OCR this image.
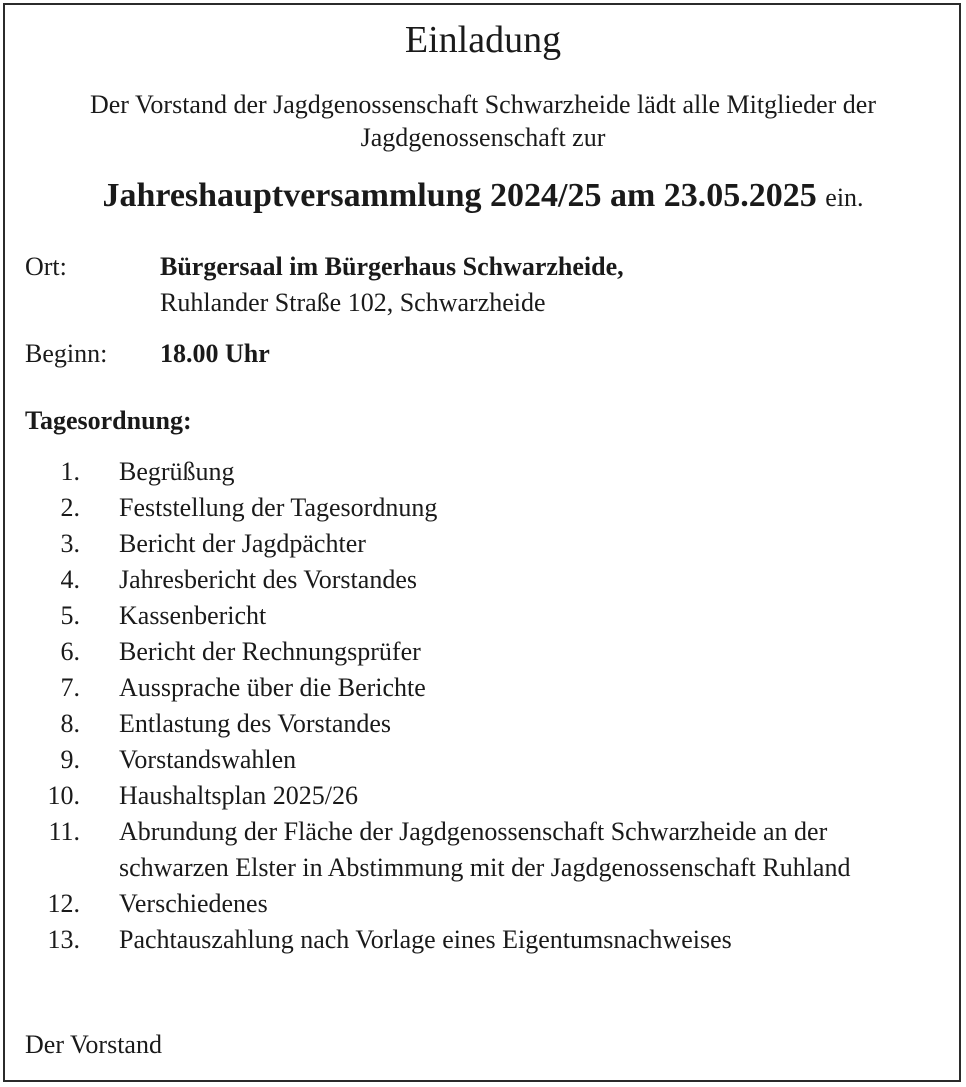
Einladung
Der Vorstand der Jagdgenossenschaft Schwarzheide lädt alle Mitglieder der Jagdgenossenschaft zur
Jahreshauptversammlung 2024/25 am 23.05.2025 ein.
Ort:	Bürgersaal im Bürgerhaus Schwarzheide,
Ruhlander Straße 102, Schwarzheide
Beginn: 18.00 Uhr
Tagesordnung:
1. Begrüßung
2. Feststellung der Tagesordnung
3. Bericht der Jagdpächter
4. Jahresbericht des Vorstandes
5. Kassenbericht
6. Bericht der Rechnungsprüfer
7. Aussprache über die Berichte
8. Entlastung des Vorstandes
9. Vorstandswahlen
10. Haushaltsplan 2025/26
11. Abrundung der Fläche der Jagdgenossenschaft Schwarzheide an der schwarzen Elster in Abstimmung mit der Jagdgenossenschaft Ruhland
12. Verschiedenes
13. Pachtauszahlung nach Vorlage eines Eigentumsnachweises
Der Vorstand
